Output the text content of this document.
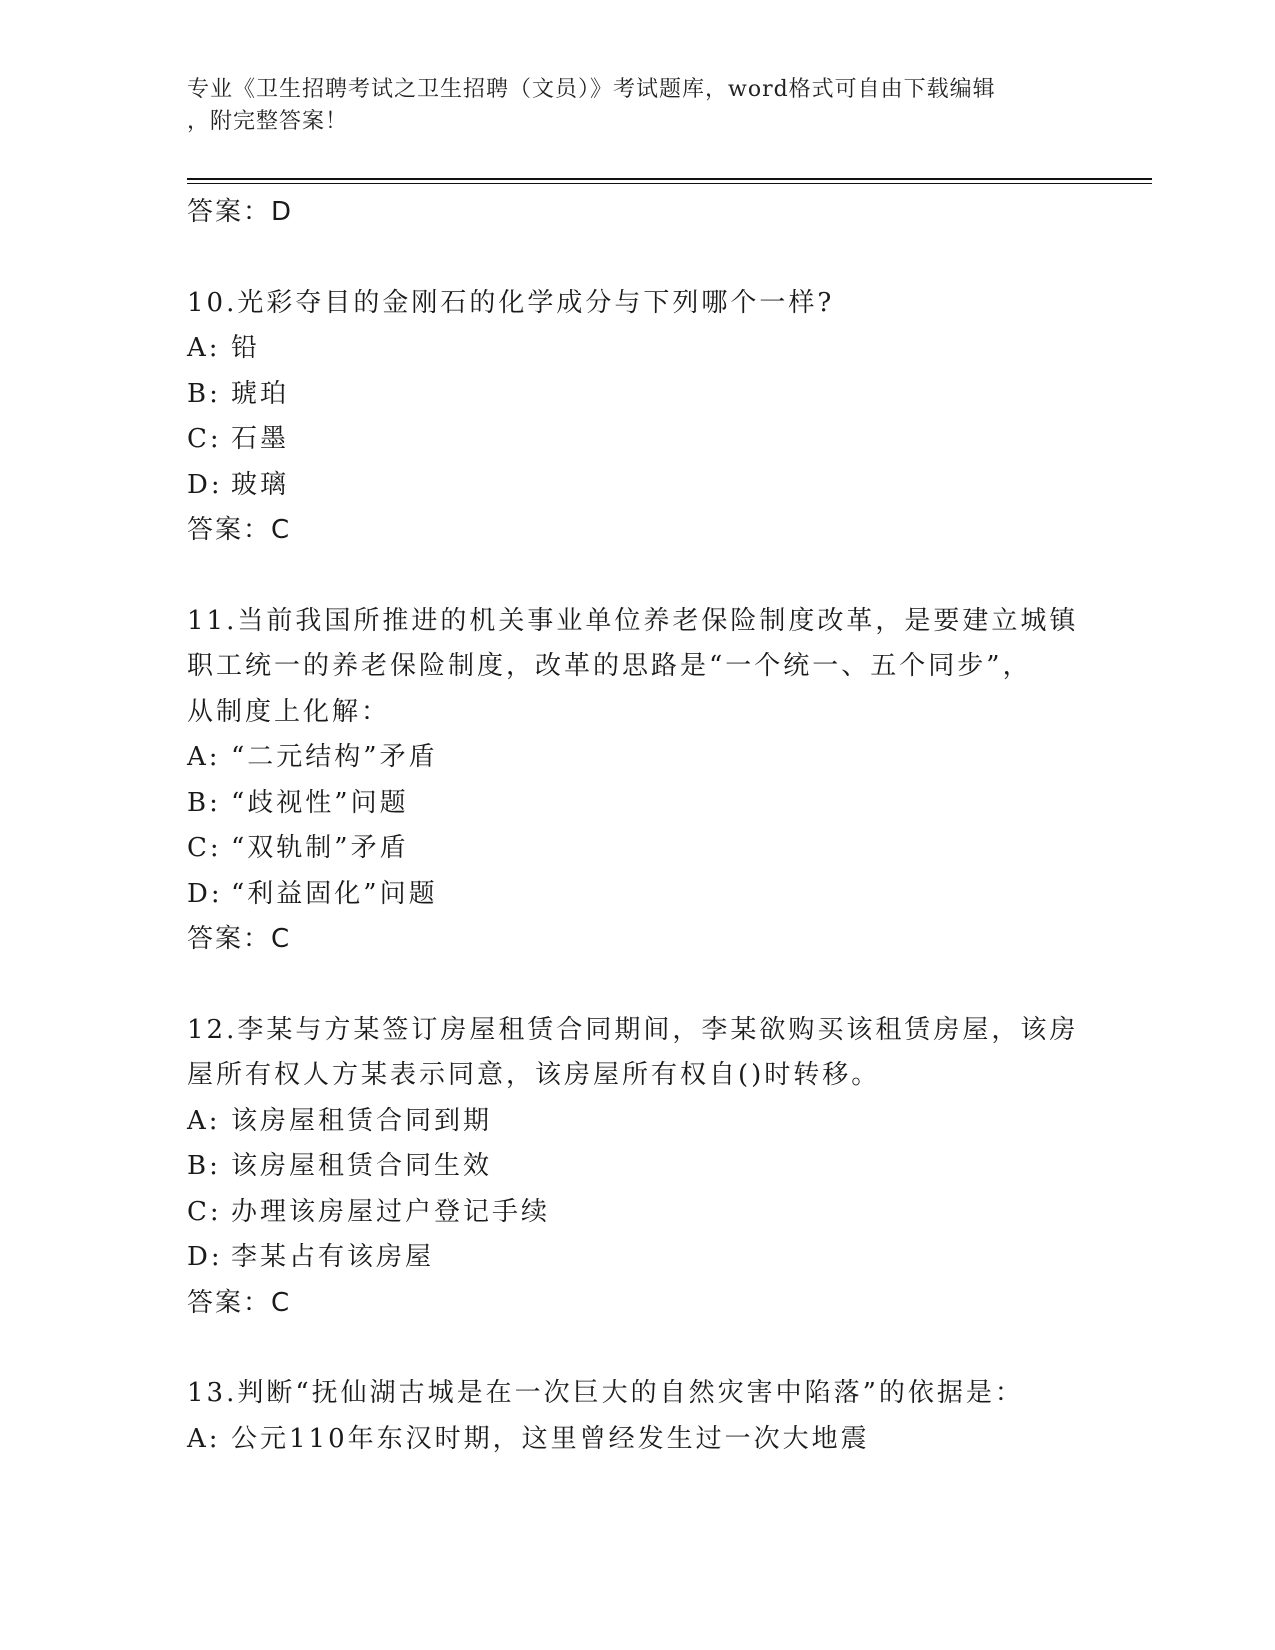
专业《卫生招聘考试之卫生招聘（文员）》考试题库，word格式可自由下载编辑
，附完整答案！
答案：D
10.光彩夺目的金刚石的化学成分与下列哪个一样?
A: 铅
B: 琥珀
C: 石墨
D: 玻璃
答案：C
11.当前我国所推进的机关事业单位养老保险制度改革，是要建立城镇
职工统一的养老保险制度，改革的思路是“一个统一、五个同步”，
从制度上化解：
A: “二元结构”矛盾
B: “歧视性”问题
C: “双轨制”矛盾
D: “利益固化”问题
答案：C
12.李某与方某签订房屋租赁合同期间，李某欲购买该租赁房屋，该房
屋所有权人方某表示同意，该房屋所有权自()时转移。
A: 该房屋租赁合同到期
B: 该房屋租赁合同生效
C: 办理该房屋过户登记手续
D: 李某占有该房屋
答案：C
13.判断“抚仙湖古城是在一次巨大的自然灾害中陷落”的依据是：
A: 公元110年东汉时期，这里曾经发生过一次大地震
